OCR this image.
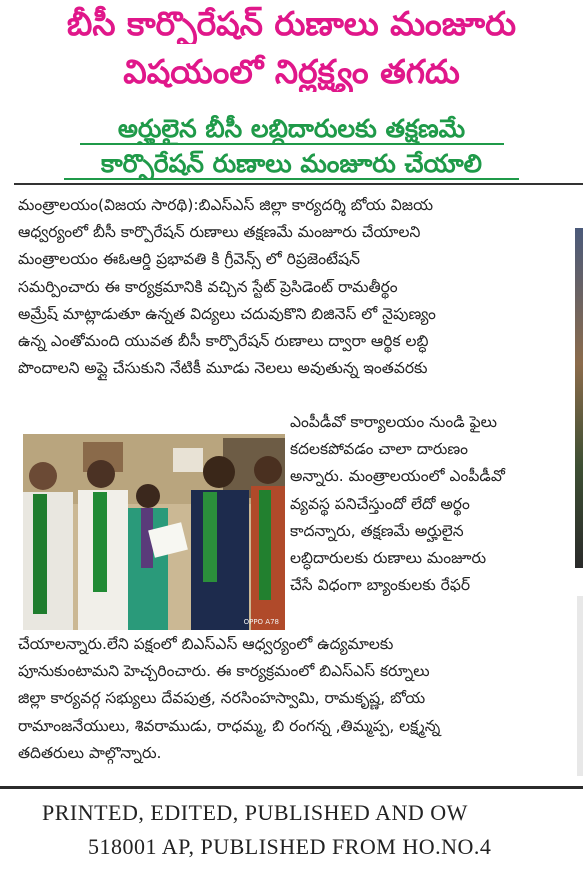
బీసీ కార్పొరేషన్ రుణాలు మంజూరు
విషయంలో నిర్లక్ష్యం తగదు
అర్హులైన బీసీ లబ్ధిదారులకు తక్షణమే
కార్పొరేషన్ రుణాలు మంజూరు చేయాలి

మంత్రాలయం(విజయ సారథి):బిఎస్ఎస్ జిల్లా కార్యదర్శి బోయ విజయ

ఆధ్వర్యంలో బీసీ కార్పొరేషన్ రుణాలు తక్షణమే మంజూరు చేయాలని

మంత్రాలయం ఈఓఆర్డి ప్రభావతి కి గ్రీవెన్స్ లో రిప్రజెంటేషన్

సమర్పించారు ఈ కార్యక్రమానికి వచ్చిన స్టేట్ ప్రెసిడెంట్ రామతీర్థం

అమ్రేష్ మాట్లాడుతూ ఉన్నత విద్యలు చదువుకొని బిజినెస్ లో నైపుణ్యం

ఉన్న ఎంతోమంది యువత బీసీ కార్పొరేషన్ రుణాలు ద్వారా ఆర్థిక లబ్ధి

పొందాలని అప్లై చేసుకుని నేటికీ మూడు నెలలు అవుతున్న ఇంతవరకు

ఎంపీడీవో కార్యాలయం నుండి ఫైలు

కదలకపోవడం చాలా దారుణం

అన్నారు. మంత్రాలయంలో ఎంపీడీవో

వ్యవస్థ పనిచేస్తుందో లేదో అర్థం

కాదన్నారు, తక్షణమే అర్హులైన

లబ్ధిదారులకు రుణాలు మంజూరు

చేసే విధంగా బ్యాంకులకు రేఫర్

OPPO A78

చేయాలన్నారు.లేని పక్షంలో బిఎస్ఎస్ ఆధ్వర్యంలో ఉద్యమాలకు

పూనుకుంటామని హెచ్చరించారు. ఈ కార్యక్రమంలో బిఎస్ఎస్ కర్నూలు

జిల్లా కార్యవర్గ సభ్యులు దేవపుత్ర, నరసింహస్వామి, రామకృష్ణ, బోయ

రామాంజనేయులు, శివరాముడు, రాధమ్మ, బి రంగన్న ,తిమ్మప్ప, లక్ష్మన్న

తదితరులు పాల్గొన్నారు.

PRINTED, EDITED, PUBLISHED AND OW
518001 AP, PUBLISHED FROM HO.NO.4
